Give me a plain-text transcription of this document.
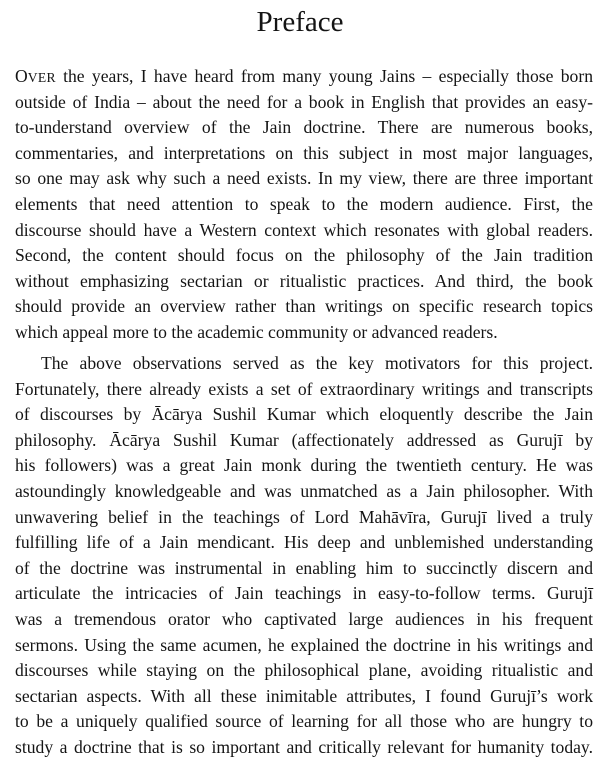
Preface
OVER the years, I have heard from many young Jains – especially those born
outside of India – about the need for a book in English that provides an easy-
to-understand overview of the Jain doctrine. There are numerous books,
commentaries, and interpretations on this subject in most major languages,
so one may ask why such a need exists. In my view, there are three important
elements that need attention to speak to the modern audience. First, the
discourse should have a Western context which resonates with global readers.
Second, the content should focus on the philosophy of the Jain tradition
without emphasizing sectarian or ritualistic practices. And third, the book
should provide an overview rather than writings on specific research topics
which appeal more to the academic community or advanced readers.
The above observations served as the key motivators for this project.
Fortunately, there already exists a set of extraordinary writings and transcripts
of discourses by Ācārya Sushil Kumar which eloquently describe the Jain
philosophy. Ācārya Sushil Kumar (affectionately addressed as Gurujī by
his followers) was a great Jain monk during the twentieth century. He was
astoundingly knowledgeable and was unmatched as a Jain philosopher. With
unwavering belief in the teachings of Lord Mahāvīra, Gurujī lived a truly
fulfilling life of a Jain mendicant. His deep and unblemished understanding
of the doctrine was instrumental in enabling him to succinctly discern and
articulate the intricacies of Jain teachings in easy-to-follow terms. Gurujī
was a tremendous orator who captivated large audiences in his frequent
sermons. Using the same acumen, he explained the doctrine in his writings and
discourses while staying on the philosophical plane, avoiding ritualistic and
sectarian aspects. With all these inimitable attributes, I found Gurujī’s work
to be a uniquely qualified source of learning for all those who are hungry to
study a doctrine that is so important and critically relevant for humanity today.
